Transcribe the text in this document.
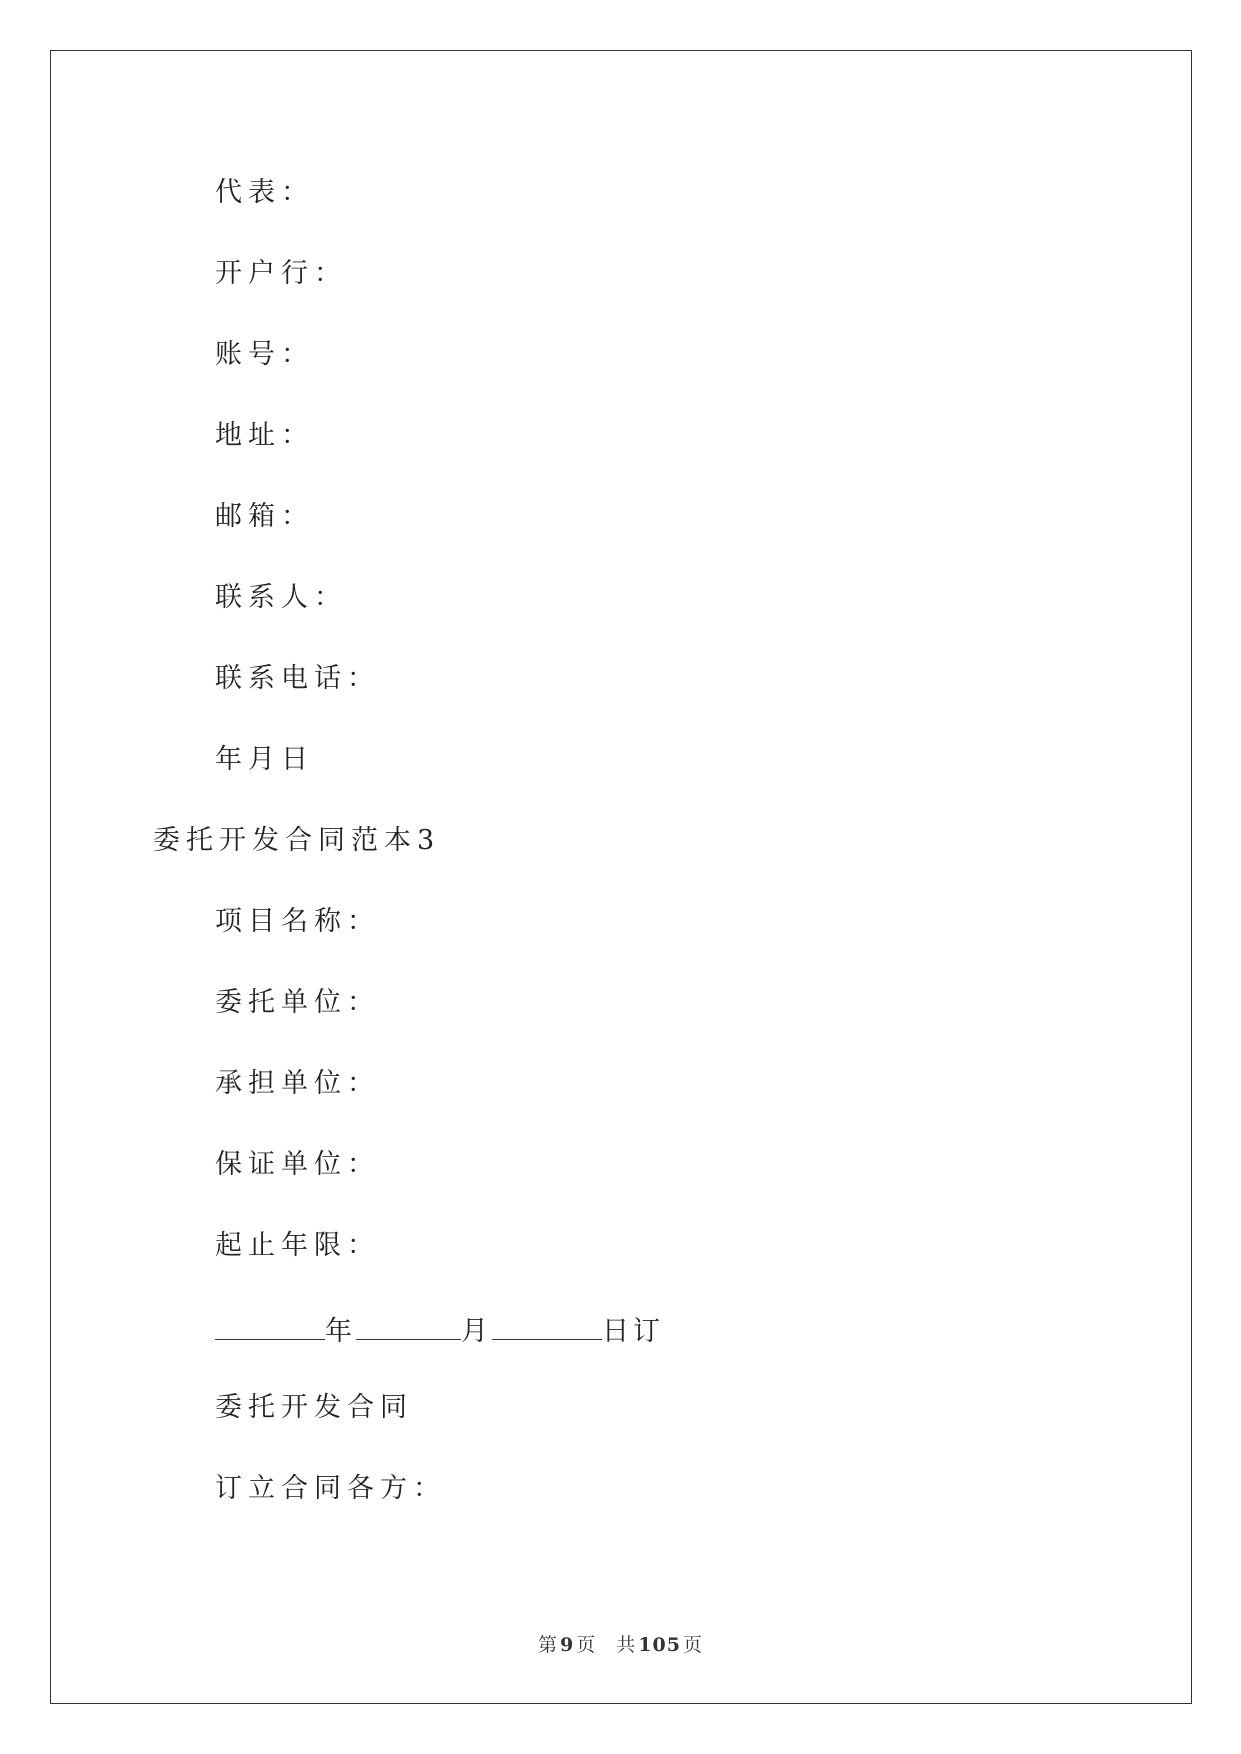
代表：
开户行：
账号：
地址：
邮箱：
联系人：
联系电话：
年月日
委托开发合同范本3
项目名称：
委托单位：
承担单位：
保证单位：
起止年限：
年	月	日订
委托开发合同
订立合同各方：
第 9 页 共 105 页
